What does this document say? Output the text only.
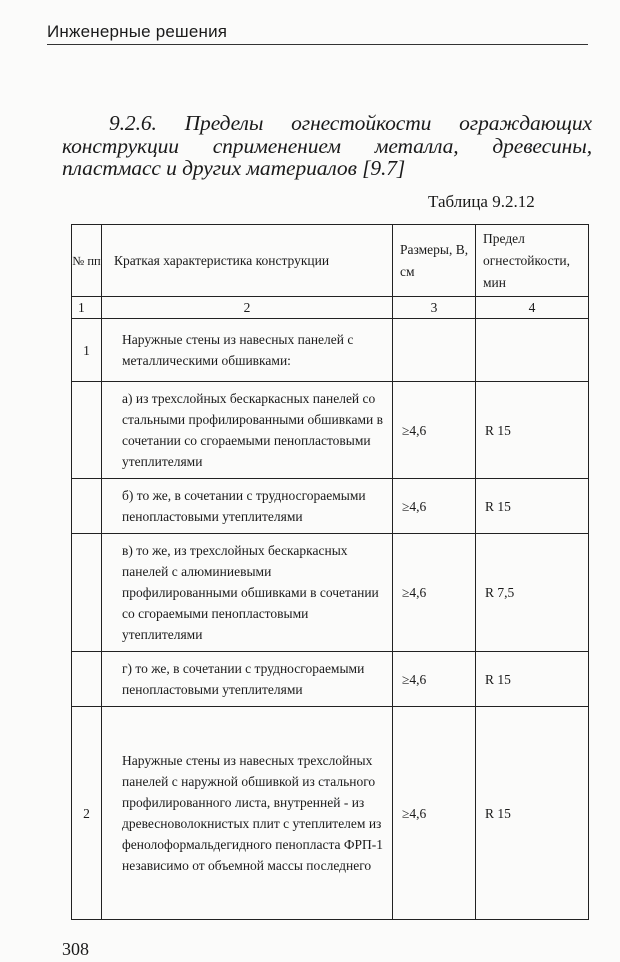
Инженерные решения
9.2.6. Пределы огнестойкости ограждающих конструкции сприменением металла, древесины, пластмасс и других материалов [9.7]
Таблица 9.2.12
№ пп	Краткая характеристика конструкции	Размеры, В, см	Предел огнестойкости, мин
1	2	3	4
1	Наружные стены из навесных панелей с металлическими обшивками:		
	а) из трехслойных бескаркасных панелей со стальными профилированными обшивками в сочетании со сгораемыми пенопластовыми утеплителями	≥4,6	R 15
	б) то же, в сочетании с трудносгораемыми пенопластовыми утеплителями	≥4,6	R 15
	в) то же, из трехслойных бескаркасных панелей с алюминиевыми профилированными обшивками в сочетании со сгораемыми пенопластовыми утеплителями	≥4,6	R 7,5
	г) то же, в сочетании с трудносгораемыми пенопластовыми утеплителями	≥4,6	R 15
2	Наружные стены из навесных трехслойных панелей с наружной обшивкой из стального профилированного листа, внутренней - из древесноволокнистых плит с утеплителем из фенолоформальдегидного пенопласта ФРП-1 независимо от объемной массы последнего	≥4,6	R 15
308
